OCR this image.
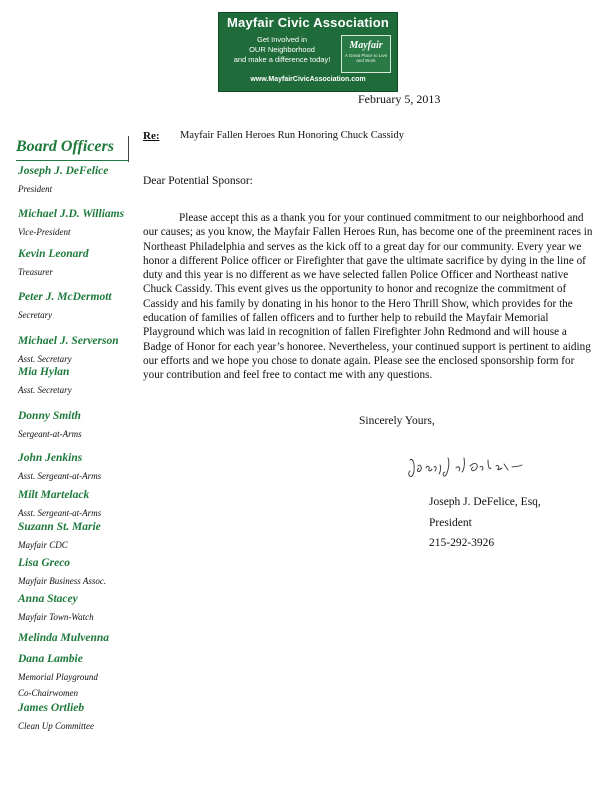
Mayfair Civic Association
Get Involved in
OUR Neighborhood
and make a difference today!
Mayfair
A Great Place to Live and Work
www.MayfairCivicAssociation.com
February 5, 2013
Board Officers
Joseph J. DeFelice
President
Michael J.D. Williams
Vice-President
Kevin Leonard
Treasurer
Peter J. McDermott
Secretary
Michael J. Serverson
Asst. Secretary
Mia Hylan
Asst. Secretary
Donny Smith
Sergeant-at-Arms
John Jenkins
Asst. Sergeant-at-Arms
Milt Martelack
Asst. Sergeant-at-Arms
Suzann St. Marie
Mayfair CDC
Lisa Greco
Mayfair Business Assoc.
Anna Stacey
Mayfair Town-Watch
Melinda Mulvenna
Dana Lambie
Memorial Playground
Co-Chairwomen
James Ortlieb
Clean Up Committee
Re: Mayfair Fallen Heroes Run Honoring Chuck Cassidy
Dear Potential Sponsor:
Please accept this as a thank you for your continued commitment to our neighborhood and our causes; as you know, the Mayfair Fallen Heroes Run, has become one of the preeminent races in Northeast Philadelphia and serves as the kick off to a great day for our community. Every year we honor a different Police officer or Firefighter that gave the ultimate sacrifice by dying in the line of duty and this year is no different as we have selected fallen Police Officer and Northeast native Chuck Cassidy. This event gives us the opportunity to honor and recognize the commitment of Cassidy and his family by donating in his honor to the Hero Thrill Show, which provides for the education of families of fallen officers and to further help to rebuild the Mayfair Memorial Playground which was laid in recognition of fallen Firefighter John Redmond and will house a Badge of Honor for each year’s honoree. Nevertheless, your continued support is pertinent to aiding our efforts and we hope you chose to donate again. Please see the enclosed sponsorship form for your contribution and feel free to contact me with any questions.
Sincerely Yours,
Joseph J. DeFelice, Esq,
President
215-292-3926
